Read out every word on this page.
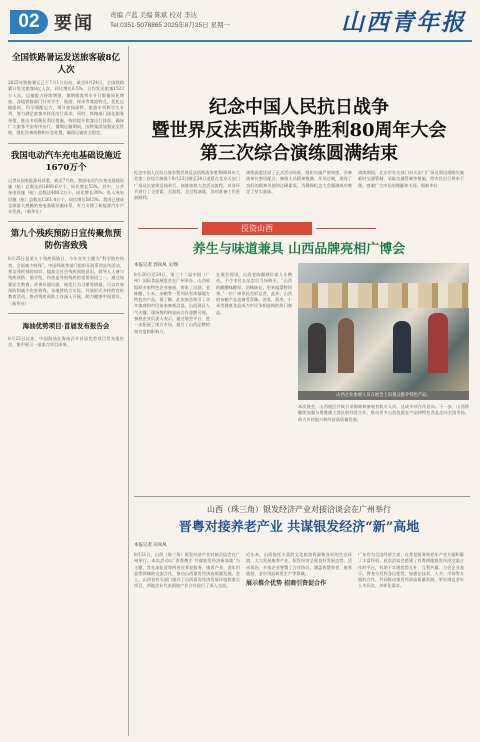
02 要闻 责编 卢蓝 美编 陈斌 校对 李达
Tel:0351-5078865 2025年8月25日 星期一	山西青年报
全国铁路暑运发送旅客破8亿人次

2025年铁路暑运已于7月1日启动，截至8月24日，全国铁路累计发送旅客8亿人次，同比增长6.5%，日均发送旅客1523万人次。运输能力持续增强，暑期旅客列车开行数量同比增加，各地铁路部门针对学生、旅游、探亲等客流特点，优化运输组织，科学调配运力，增开夜间高铁、旅游专列和学生专列，努力满足旅客多样化出行需求。同时，铁路部门深化服务举措，推出多项便民利民措施，持续提升旅客出行体验，确保广大旅客平安有序出行。暑期运输期间，国铁集团加强安全管理，强化设备检修和应急处置，确保运输安全稳定。

我国电动汽车充电基础设施近1670万个

记者从国家能源局获悉，截至7月底，我国电动汽车充电基础设施（枪）总数达到1669.6万个，同比增长53%。其中，公共充电设施（枪）总数达408.2万个，同比增长38%；私人充电设施（枪）总数达1261.4万个，同比增长58.5%。我国已建成全球最大规模的充电基础设施体系，有力支撑了新能源汽车产业发展。（新华社）

第九个残疾预防日宣传聚焦预防伤害致残

8月25日是第九个残疾预防日，今年宣传主题为“科学防控伤害，全面减少致残”。中国残联等部门组织开展系列宣传活动，普及残疾预防知识，提高全社会残疾预防意识，倡导人人参与残疾预防。据介绍，伤害是导致残疾的重要原因之一，通过加强安全教育、改善环境设施、规范行为习惯等措施，可以有效预防和减少伤害致残。各地将结合实际，开展形式多样的宣传教育活动，推动残疾预防工作深入开展，助力健康中国建设。（新华社）

海油优势项目·首届发布报告会

8月23日以来，中国海油在海南召开首届优势项目发布报告会，集中展示一批重点项目成果。

纪念中国人民抗日战争
暨世界反法西斯战争胜利80周年大会
第三次综合演练圆满结束
纪念中国人民抗日战争暨世界反法西斯战争胜利80周年大会第三次综合演练于8月23日晚至24日凌晨在北京天安门广场及长安街沿线举行。演练按照大会活动流程，对各环节进行了全要素、全流程、全过程演练，各项准备工作进展顺利。
演练高度还原了正式活动场景，组织实施严密周密，各参演单位密切配合，参演人员精神饱满、作风过硬，展现了良好的精神风貌和过硬素质，为确保纪念大会圆满成功奠定了坚实基础。
演练期间，北京市有关部门对天安门广场及周边道路实施临时交通管制，采取交通管制等措施，给市民出行带来不便，感谢广大市民的理解和支持。据新华社
投资山西
养生与味道兼具 山西品牌亮相广博会
本报记者 郭凤凤 文/图
8月20日至24日，第三十二届中国（广州）国际食品展览会在广州举办。山西省组织多家特色企业参展，带来了汾酒、老陈醋、小米、杂粮等一系列具有浓郁地方特色的产品。据了解，此次展会吸引了众多客商和市民前来参观洽谈，山西展区人气火爆，现场签约和意向合作金额可观。参展企业负责人表示，通过展会平台，进一步拓展了南方市场，提升了山西品牌的知名度和影响力。
在展会现场，山西老陈醋展位前人头攒动，不少市民在品尝后当场购买。“山西的醋酸味醇厚，回味绵长，用来做菜特别香。”一位广州市民告诉记者。此外，山西的杂粮产品也备受青睐，苦荞、燕麦、小米等健康食品成为市民争相选购的热门商品。
山西企业参展人员在展会上向观众推介特色产品。
本次展会，山西展区共吸引采购商和参观者数万人次，达成多项合作意向。下一步，山西将继续加强与粤港澳大湾区的经贸合作，推动更多山西优质农产品和特色食品走向全国市场，助力乡村振兴和经济高质量发展。
山西（珠三角）银发经济产业对接洽谈会在广州举行
晋粤对接养老产业 共谋银发经济“新”高地
本报记者 田凤凤
8月21日，山西（珠三角）银发经济产业对接洽谈会在广州举行。本次活动以“晋粤携手 共谋银发经济新高地”为主题，旨在深化晋粤两省在养老服务、康养产业、老年用品等领域的交流合作，推动山西银发经济高质量发展。会上，山西省有关部门推介了山西银发经济发展环境和重点项目，两地企业代表围绕产业合作进行了深入交流。
近年来，山西依托丰富的文化旅游资源和良好的生态环境，大力发展康养产业，银发经济呈现良好发展态势。活动现场，多家企业签署了合作协议，涵盖智慧养老、康养旅游、老年用品研发生产等领域。
展示推介优势 招商引资促合作
广东作为全国经济大省，在养老服务和老年产业方面积累了丰富经验。此次洽谈会搭建了晋粤两地银发经济交流合作的平台，有助于实现优势互补、互利共赢。与会企业表示，将充分发挥各自优势，加强在技术、人才、市场等方面的合作，共同推动银发经济高质量发展，更好满足老年人多层次、多样化需求。
